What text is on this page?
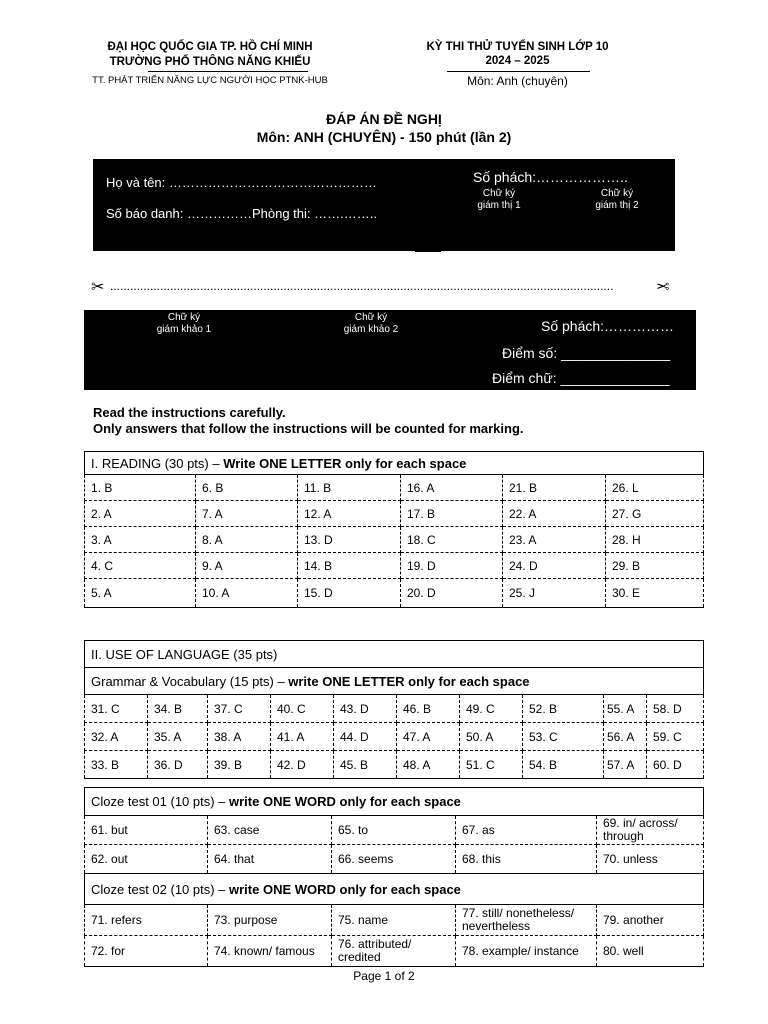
ĐẠI HỌC QUỐC GIA TP. HỒ CHÍ MINH
TRƯỜNG PHỔ THÔNG NĂNG KHIẾU
TT. PHÁT TRIỂN NĂNG LỰC NGƯỜI HỌC PTNK-HUB
KỲ THI THỬ TUYỂN SINH LỚP 10
2024 – 2025
Môn: Anh (chuyên)
ĐÁP ÁN ĐỀ NGHỊ
Môn: ANH (CHUYÊN) - 150 phút (lần 2)
Họ và tên: …………………………………………
Số báo danh: ……………Phòng thi: …….……..
Số phách:………………..
Chữ ký
giám thị 1
Chữ ký
giám thị 2
✂ .......................................................................................................................................................	✂
Chữ ký
giám khảo 1
Chữ ký
giám khảo 2	Số phách:……………
Điểm số: ______________
Điểm chữ: ______________
Read the instructions carefully.
Only answers that follow the instructions will be counted for marking.
I. READING (30 pts) – Write ONE LETTER only for each space					
1. B	6. B	11. B	16. A	21. B	26. L
2. A	7. A	12. A	17. B	22. A	27. G
3. A	8. A	13. D	18. C	23. A	28. H
4. C	9. A	14. B	19. D	24. D	29. B
5. A	10. A	15. D	20. D	25. J	30. E
II. USE OF LANGUAGE (35 pts)									
Grammar & Vocabulary (15 pts) – write ONE LETTER only for each space									
31. C	34. B	37. C	40. C	43. D	46. B	49. C	52. B	55. A	58. D
32. A	35. A	38. A	41. A	44. D	47. A	50. A	53. C	56. A	59. C
33. B	36. D	39. B	42. D	45. B	48. A	51. C	54. B	57. A	60. D
Cloze test 01 (10 pts) – write ONE WORD only for each space				
61. but	63. case	65. to	67. as	69. in/ across/ through
62. out	64. that	66. seems	68. this	70. unless
Cloze test 02 (10 pts) – write ONE WORD only for each space				
71. refers	73. purpose	75. name	77. still/ nonetheless/ nevertheless	79. another
72. for	74. known/ famous	76. attributed/ credited	78. example/ instance	80. well
Page 1 of 2
